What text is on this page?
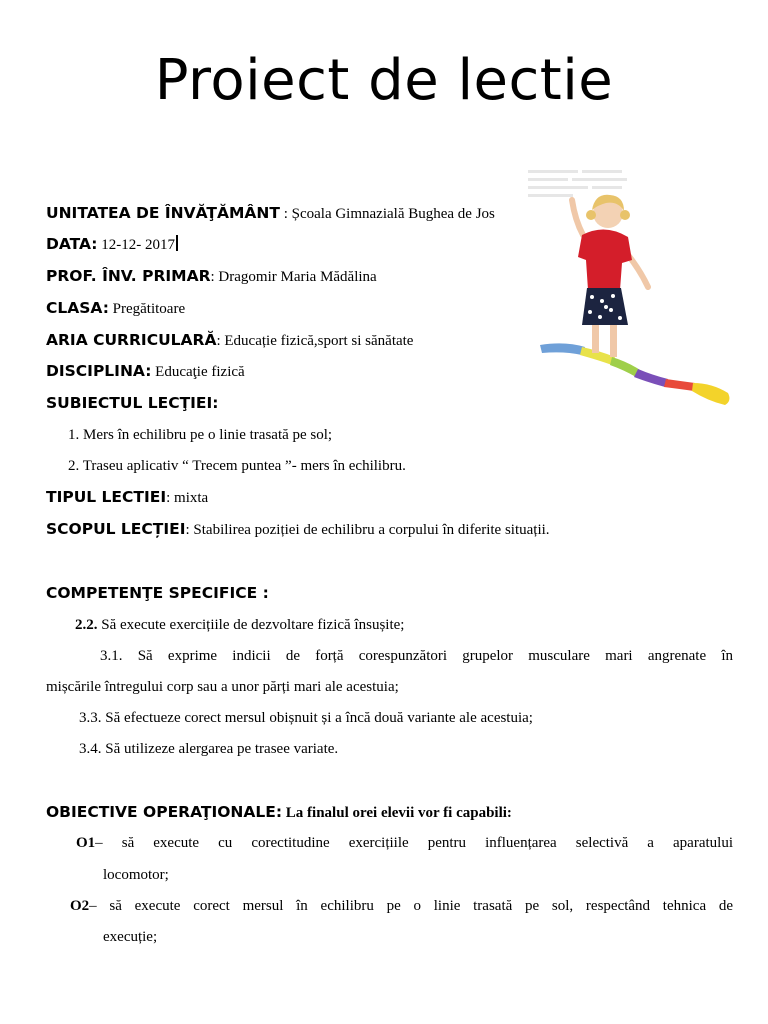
Proiect de lectie
UNITATEA DE ÎNVĂŢĂMÂNT : Școala Gimnazială Bughea de Jos
DATA: 12-12- 2017
PROF. ÎNV. PRIMAR: Dragomir Maria Mădălina
CLASA: Pregătitoare
ARIA CURRICULARĂ: Educație fizică,sport si sănătate
DISCIPLINA: Educaţie fizică
SUBIECTUL LECŢIEI:
1. Mers în echilibru pe o linie trasată pe sol;
2. Traseu aplicativ “ Trecem puntea ”- mers în echilibru.
TIPUL LECTIEI: mixta
SCOPUL LECȚIEI: Stabilirea poziției de echilibru a corpului în diferite situații.
COMPETENŢE SPECIFICE :
2.2. Să execute exercițiile de dezvoltare fizică însușite;
3.1. Să exprime indicii de forță corespunzători grupelor musculare mari angrenate în
mișcările întregului corp sau a unor părți mari ale acestuia;
3.3. Să efectueze corect mersul obișnuit și a încă două variante ale acestuia;
3.4. Să utilizeze alergarea pe trasee variate.
OBIECTIVE OPERAŢIONALE: La finalul orei elevii vor fi capabili:
O1– să execute cu corectitudine exercițiile pentru influențarea selectivă a aparatului
locomotor;
O2– să execute corect mersul în echilibru pe o linie trasată pe sol, respectând tehnica de
execuție;
